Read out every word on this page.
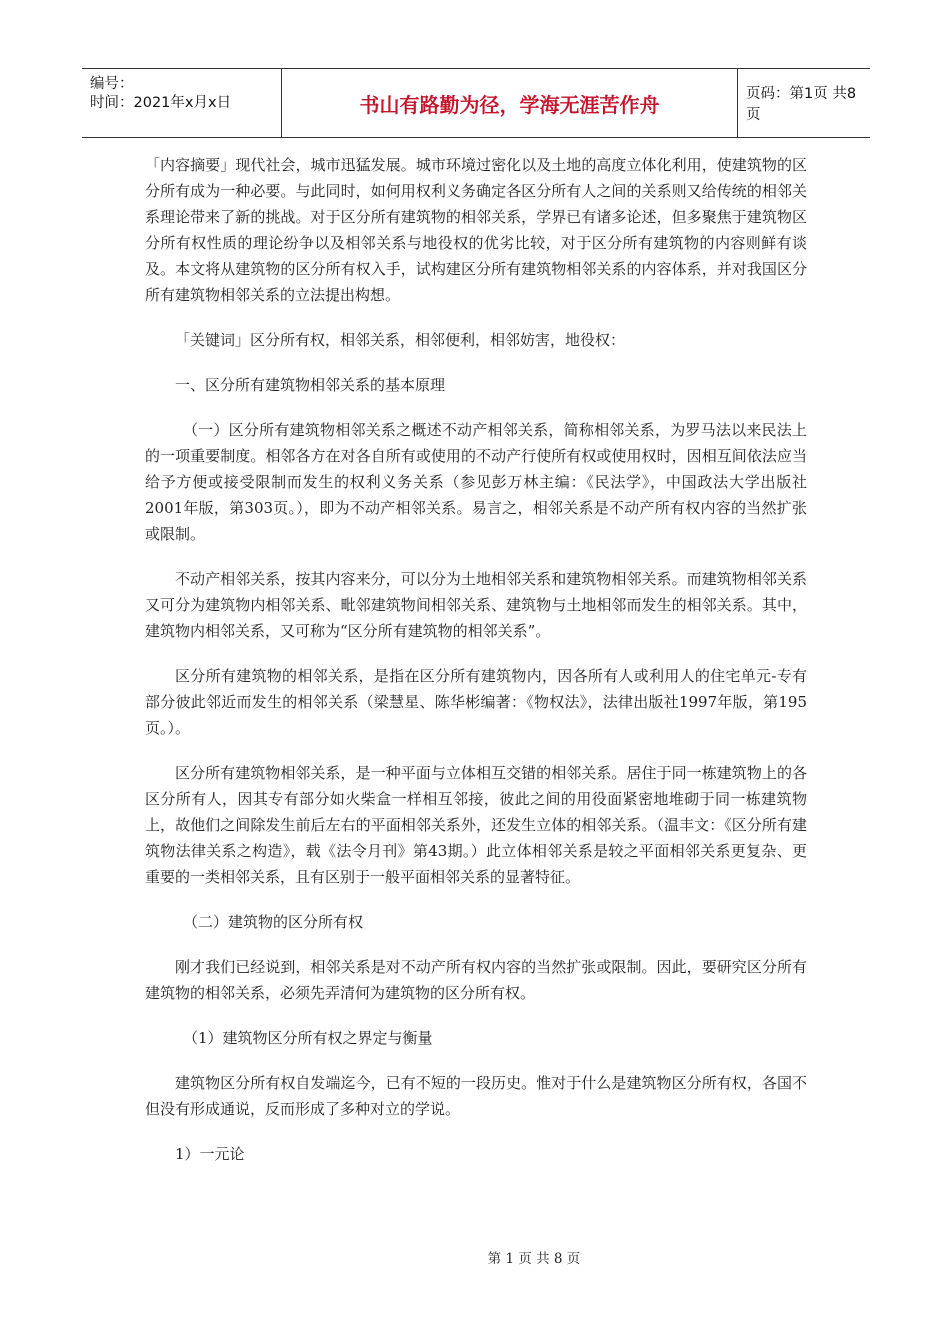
编号：
时间：2021年x月x日	书山有路勤为径，学海无涯苦作舟	页码：第1页 共8页

「内容摘要」现代社会，城市迅猛发展。城市环境过密化以及土地的高度立体化利用，使建筑物的区分所有成为一种必要。与此同时，如何用权利义务确定各区分所有人之间的关系则又给传统的相邻关系理论带来了新的挑战。对于区分所有建筑物的相邻关系，学界已有诸多论述，但多聚焦于建筑物区分所有权性质的理论纷争以及相邻关系与地役权的优劣比较，对于区分所有建筑物的内容则鲜有谈及。本文将从建筑物的区分所有权入手，试构建区分所有建筑物相邻关系的内容体系，并对我国区分所有建筑物相邻关系的立法提出构想。

「关键词」区分所有权，相邻关系，相邻便利，相邻妨害，地役权：

一、区分所有建筑物相邻关系的基本原理

（一）区分所有建筑物相邻关系之概述不动产相邻关系，简称相邻关系，为罗马法以来民法上的一项重要制度。相邻各方在对各自所有或使用的不动产行使所有权或使用权时，因相互间依法应当给予方便或接受限制而发生的权利义务关系（参见彭万林主编：《民法学》，中国政法大学出版社2001年版，第303页。），即为不动产相邻关系。易言之，相邻关系是不动产所有权内容的当然扩张或限制。

不动产相邻关系，按其内容来分，可以分为土地相邻关系和建筑物相邻关系。而建筑物相邻关系又可分为建筑物内相邻关系、毗邻建筑物间相邻关系、建筑物与土地相邻而发生的相邻关系。其中，建筑物内相邻关系，又可称为“区分所有建筑物的相邻关系”。

区分所有建筑物的相邻关系，是指在区分所有建筑物内，因各所有人或利用人的住宅单元-专有部分彼此邻近而发生的相邻关系（梁慧星、陈华彬编著：《物权法》，法律出版社1997年版，第195页。）。

区分所有建筑物相邻关系，是一种平面与立体相互交错的相邻关系。居住于同一栋建筑物上的各区分所有人，因其专有部分如火柴盒一样相互邻接，彼此之间的用役面紧密地堆砌于同一栋建筑物上，故他们之间除发生前后左右的平面相邻关系外，还发生立体的相邻关系。（温丰文：《区分所有建筑物法律关系之构造》，载《法令月刊》第43期。）此立体相邻关系是较之平面相邻关系更复杂、更重要的一类相邻关系，且有区别于一般平面相邻关系的显著特征。

（二）建筑物的区分所有权

刚才我们已经说到，相邻关系是对不动产所有权内容的当然扩张或限制。因此，要研究区分所有建筑物的相邻关系，必须先弄清何为建筑物的区分所有权。

（1）建筑物区分所有权之界定与衡量

建筑物区分所有权自发端迄今，已有不短的一段历史。惟对于什么是建筑物区分所有权，各国不但没有形成通说，反而形成了多种对立的学说。

1）一元论

第 1 页 共 8 页
